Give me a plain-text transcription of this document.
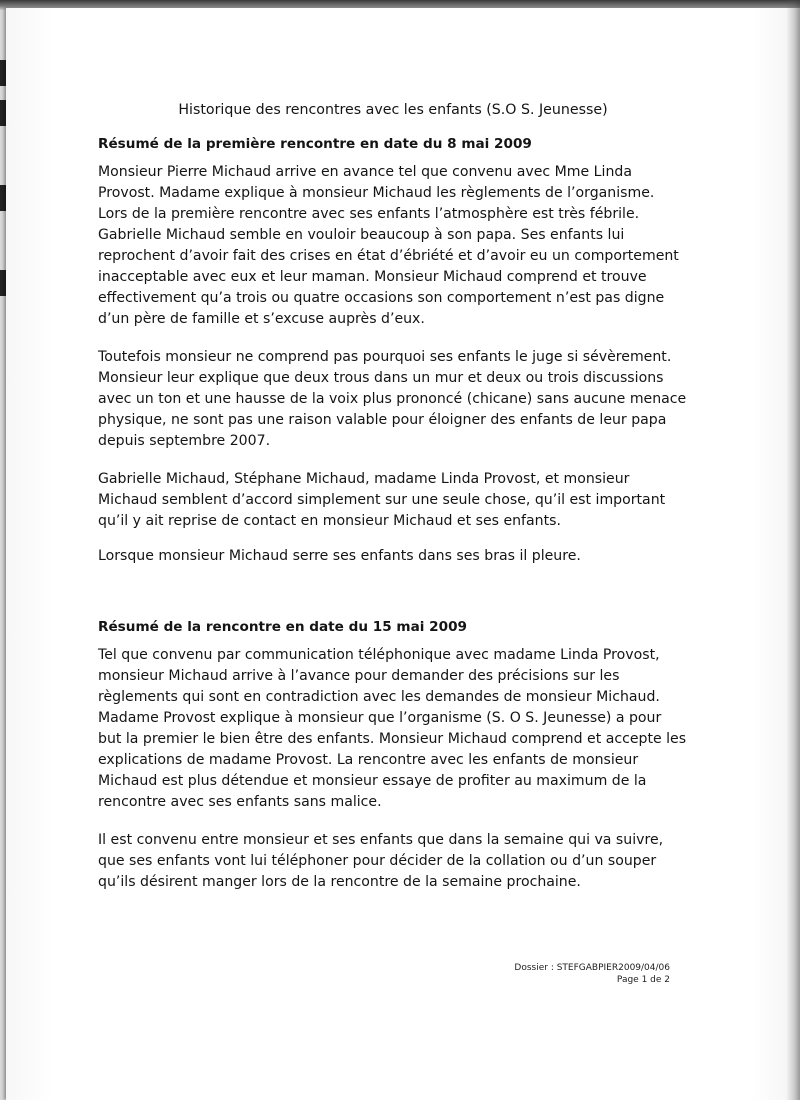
Historique des rencontres avec les enfants (S.O S. Jeunesse)
Résumé de la première rencontre en date du 8 mai 2009

Monsieur Pierre Michaud arrive en avance tel que convenu avec Mme Linda Provost. Madame explique à monsieur Michaud les règlements de l’organisme. Lors de la première rencontre avec ses enfants l’atmosphère est très fébrile. Gabrielle Michaud semble en vouloir beaucoup à son papa. Ses enfants lui reprochent d’avoir fait des crises en état d’ébriété et d’avoir eu un comportement inacceptable avec eux et leur maman. Monsieur Michaud comprend et trouve effectivement qu’a trois ou quatre occasions son comportement n’est pas digne d’un père de famille et s’excuse auprès d’eux.

Toutefois monsieur ne comprend pas pourquoi ses enfants le juge si sévèrement. Monsieur leur explique que deux trous dans un mur et deux ou trois discussions avec un ton et une hausse de la voix plus prononcé (chicane) sans aucune menace physique, ne sont pas une raison valable pour éloigner des enfants de leur papa depuis septembre 2007.

Gabrielle Michaud, Stéphane Michaud, madame Linda Provost, et monsieur Michaud semblent d’accord simplement sur une seule chose, qu’il est important qu’il y ait reprise de contact en monsieur Michaud et ses enfants.

Lorsque monsieur Michaud serre ses enfants dans ses bras il pleure.

Résumé de la rencontre en date du 15 mai 2009

Tel que convenu par communication téléphonique avec madame Linda Provost, monsieur Michaud arrive à l’avance pour demander des précisions sur les règlements qui sont en contradiction avec les demandes de monsieur Michaud. Madame Provost explique à monsieur que l’organisme (S. O S. Jeunesse) a pour but la premier le bien être des enfants. Monsieur Michaud comprend et accepte les explications de madame Provost. La rencontre avec les enfants de monsieur Michaud est plus détendue et monsieur essaye de profiter au maximum de la rencontre avec ses enfants sans malice.

Il est convenu entre monsieur et ses enfants que dans la semaine qui va suivre, que ses enfants vont lui téléphoner pour décider de la collation ou d’un souper qu’ils désirent manger lors de la rencontre de la semaine prochaine.

Dossier : STEFGABPIER2009/04/06
Page 1 de 2
